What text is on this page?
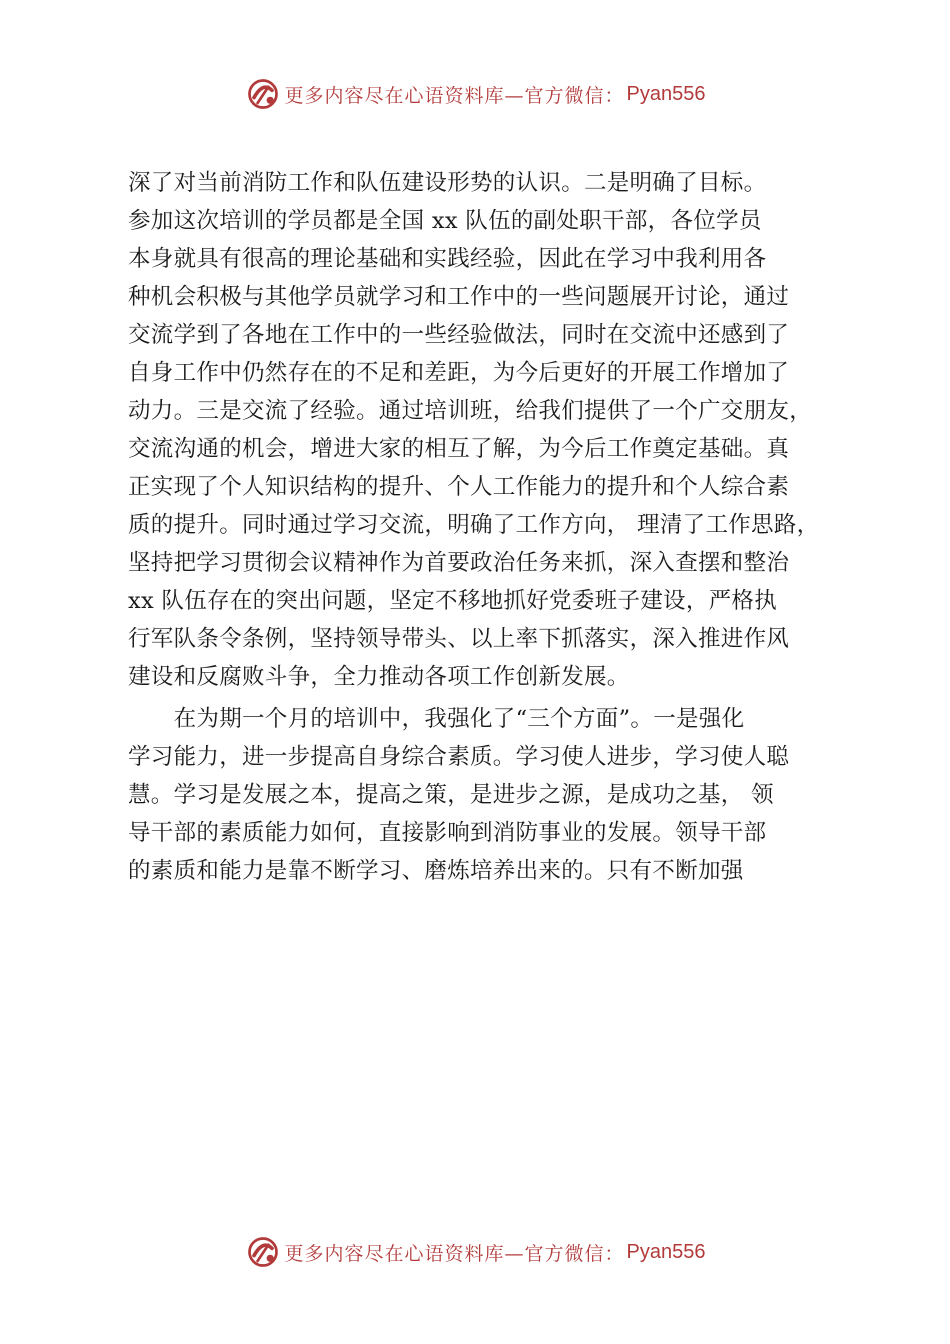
更多内容尽在心语资料库—官方微信： Pyan556
深了对当前消防工作和队伍建设形势的认识。二是明确了目标。
参加这次培训的学员都是全国 xx 队伍的副处职干部，各位学员
本身就具有很高的理论基础和实践经验，因此在学习中我利用各
种机会积极与其他学员就学习和工作中的一些问题展开讨论，通过
交流学到了各地在工作中的一些经验做法，同时在交流中还感到了
自身工作中仍然存在的不足和差距，为今后更好的开展工作增加了
动力。三是交流了经验。通过培训班，给我们提供了一个广交朋友，
交流沟通的机会，增进大家的相互了解，为今后工作奠定基础。真
正实现了个人知识结构的提升、个人工作能力的提升和个人综合素
质的提升。同时通过学习交流，明确了工作方向， 理清了工作思路，
坚持把学习贯彻会议精神作为首要政治任务来抓，深入查摆和整治
xx 队伍存在的突出问题，坚定不移地抓好党委班子建设，严格执
行军队条令条例，坚持领导带头、以上率下抓落实，深入推进作风
建设和反腐败斗争，全力推动各项工作创新发展。
　　在为期一个月的培训中，我强化了“三个方面”。一是强化
学习能力，进一步提高自身综合素质。学习使人进步，学习使人聪
慧。学习是发展之本，提高之策，是进步之源，是成功之基， 领
导干部的素质能力如何，直接影响到消防事业的发展。领导干部
的素质和能力是靠不断学习、磨炼培养出来的。只有不断加强
更多内容尽在心语资料库—官方微信： Pyan556
